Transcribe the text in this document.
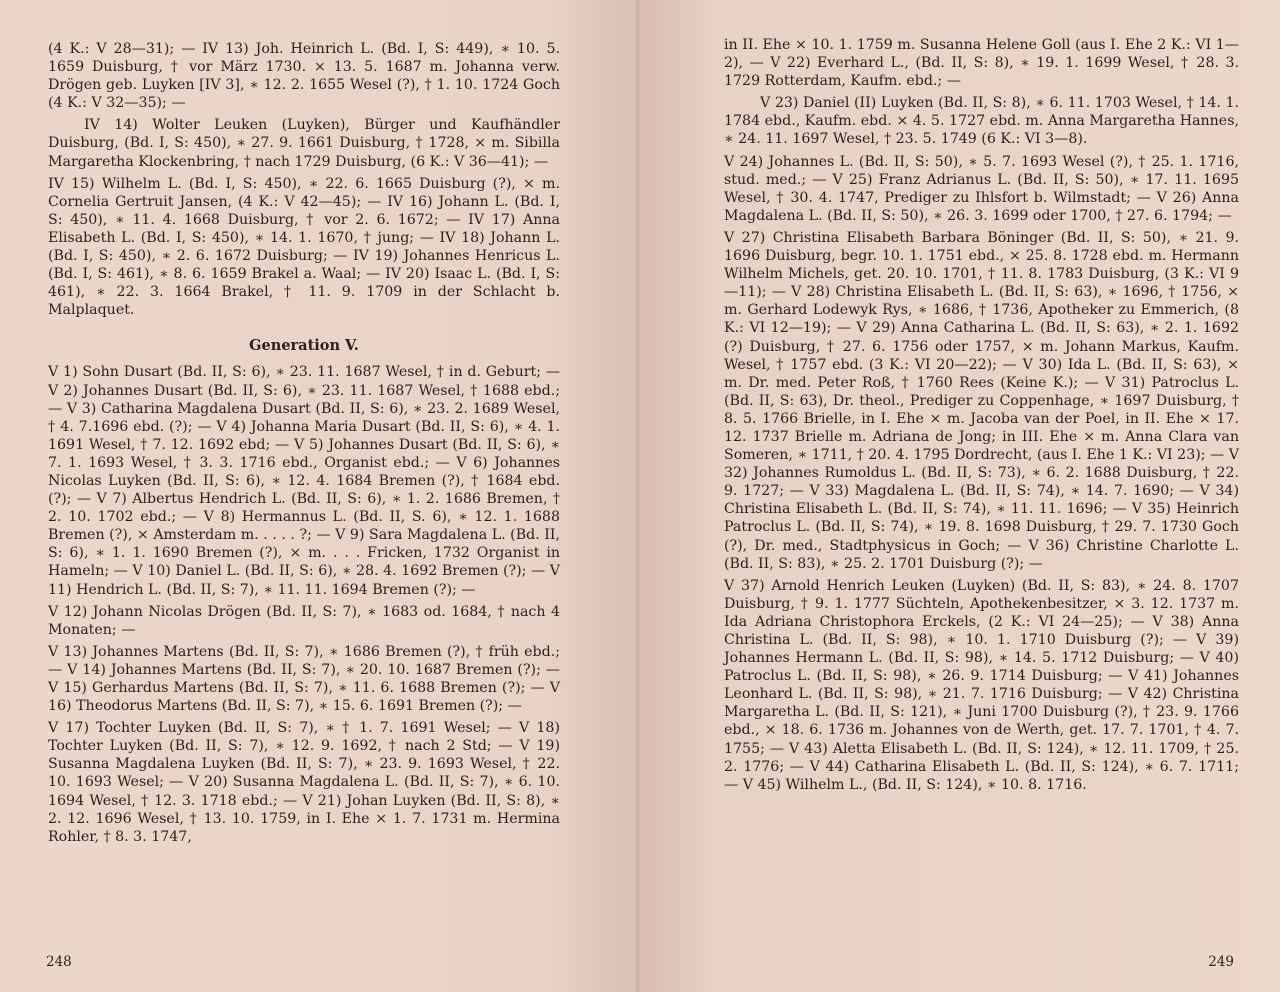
(4 K.: V 28—31); — IV 13) Joh. Heinrich L. (Bd. I, S: 449), ∗ 10. 5. 1659 Duisburg, † vor März 1730. × 13. 5. 1687 m. Johanna verw. Drögen geb. Luyken [IV 3], ∗ 12. 2. 1655 Wesel (?), † 1. 10. 1724 Goch (4 K.: V 32—35); —

IV 14) Wolter Leuken (Luyken), Bürger und Kaufhändler Duisburg, (Bd. I, S: 450), ∗ 27. 9. 1661 Duisburg, † 1728, × m. Sibilla Margaretha Klockenbring, † nach 1729 Duisburg, (6 K.: V 36—41); —

IV 15) Wilhelm L. (Bd. I, S: 450), ∗ 22. 6. 1665 Duisburg (?), × m. Cornelia Gertruit Jansen, (4 K.: V 42—45); — IV 16) Johann L. (Bd. I, S: 450), ∗ 11. 4. 1668 Duisburg, † vor 2. 6. 1672; — IV 17) Anna Elisabeth L. (Bd. I, S: 450), ∗ 14. 1. 1670, † jung; — IV 18) Johann L. (Bd. I, S: 450), ∗ 2. 6. 1672 Duisburg; — IV 19) Johannes Henricus L. (Bd. I, S: 461), ∗ 8. 6. 1659 Brakel a. Waal; — IV 20) Isaac L. (Bd. I, S: 461), ∗ 22. 3. 1664 Brakel, † 11. 9. 1709 in der Schlacht b. Malplaquet.

Generation V.

V 1) Sohn Dusart (Bd. II, S: 6), ∗ 23. 11. 1687 Wesel, † in d. Geburt; — V 2) Johannes Dusart (Bd. II, S: 6), ∗ 23. 11. 1687 Wesel, † 1688 ebd.; — V 3) Catharina Magdalena Dusart (Bd. II, S: 6), ∗ 23. 2. 1689 Wesel, † 4. 7.1696 ebd. (?); — V 4) Johanna Maria Dusart (Bd. II, S: 6), ∗ 4. 1. 1691 Wesel, † 7. 12. 1692 ebd; — V 5) Johannes Dusart (Bd. II, S: 6), ∗ 7. 1. 1693 Wesel, † 3. 3. 1716 ebd., Organist ebd.; — V 6) Johannes Nicolas Luyken (Bd. II, S: 6), ∗ 12. 4. 1684 Bremen (?), † 1684 ebd. (?); — V 7) Albertus Hendrich L. (Bd. II, S: 6), ∗ 1. 2. 1686 Bremen, † 2. 10. 1702 ebd.; — V 8) Hermannus L. (Bd. II, S. 6), ∗ 12. 1. 1688 Bremen (?), × Amsterdam m. . . . . ?; — V 9) Sara Magdalena L. (Bd. II, S: 6), ∗ 1. 1. 1690 Bremen (?), × m. . . . Fricken, 1732 Organist in Hameln; — V 10) Daniel L. (Bd. II, S: 6), ∗ 28. 4. 1692 Bremen (?); — V 11) Hendrich L. (Bd. II, S: 7), ∗ 11. 11. 1694 Bremen (?); —

V 12) Johann Nicolas Drögen (Bd. II, S: 7), ∗ 1683 od. 1684, † nach 4 Monaten; —

V 13) Johannes Martens (Bd. II, S: 7), ∗ 1686 Bremen (?), † früh ebd.; — V 14) Johannes Martens (Bd. II, S: 7), ∗ 20. 10. 1687 Bremen (?); — V 15) Gerhardus Martens (Bd. II, S: 7), ∗ 11. 6. 1688 Bremen (?); — V 16) Theodorus Martens (Bd. II, S: 7), ∗ 15. 6. 1691 Bremen (?); —

V 17) Tochter Luyken (Bd. II, S: 7), ∗ † 1. 7. 1691 Wesel; — V 18) Tochter Luyken (Bd. II, S: 7), ∗ 12. 9. 1692, † nach 2 Std; — V 19) Susanna Magdalena Luyken (Bd. II, S: 7), ∗ 23. 9. 1693 Wesel, † 22. 10. 1693 Wesel; — V 20) Susanna Magdalena L. (Bd. II, S: 7), ∗ 6. 10. 1694 Wesel, † 12. 3. 1718 ebd.; — V 21) Johan Luyken (Bd. II, S: 8), ∗ 2. 12. 1696 Wesel, † 13. 10. 1759, in I. Ehe × 1. 7. 1731 m. Hermina Rohler, † 8. 3. 1747,

248

in II. Ehe × 10. 1. 1759 m. Susanna Helene Goll (aus I. Ehe 2 K.: VI 1—2), — V 22) Everhard L., (Bd. II, S: 8), ∗ 19. 1. 1699 Wesel, † 28. 3. 1729 Rotterdam, Kaufm. ebd.; —

V 23) Daniel (II) Luyken (Bd. II, S: 8), ∗ 6. 11. 1703 Wesel, † 14. 1. 1784 ebd., Kaufm. ebd. × 4. 5. 1727 ebd. m. Anna Margaretha Hannes, ∗ 24. 11. 1697 Wesel, † 23. 5. 1749 (6 K.: VI 3—8).

V 24) Johannes L. (Bd. II, S: 50), ∗ 5. 7. 1693 Wesel (?), † 25. 1. 1716, stud. med.; — V 25) Franz Adrianus L. (Bd. II, S: 50), ∗ 17. 11. 1695 Wesel, † 30. 4. 1747, Prediger zu Ihlsfort b. Wilmstadt; — V 26) Anna Magdalena L. (Bd. II, S: 50), ∗ 26. 3. 1699 oder 1700, † 27. 6. 1794; —

V 27) Christina Elisabeth Barbara Böninger (Bd. II, S: 50), ∗ 21. 9. 1696 Duisburg, begr. 10. 1. 1751 ebd., × 25. 8. 1728 ebd. m. Hermann Wilhelm Michels, get. 20. 10. 1701, † 11. 8. 1783 Duisburg, (3 K.: VI 9—11); — V 28) Christina Elisabeth L. (Bd. II, S: 63), ∗ 1696, † 1756, × m. Gerhard Lodewyk Rys, ∗ 1686, † 1736, Apotheker zu Emmerich, (8 K.: VI 12—19); — V 29) Anna Catharina L. (Bd. II, S: 63), ∗ 2. 1. 1692 (?) Duisburg, † 27. 6. 1756 oder 1757, × m. Johann Markus, Kaufm. Wesel, † 1757 ebd. (3 K.: VI 20—22); — V 30) Ida L. (Bd. II, S: 63), × m. Dr. med. Peter Roß, † 1760 Rees (Keine K.); — V 31) Patroclus L. (Bd. II, S: 63), Dr. theol., Prediger zu Coppenhage, ∗ 1697 Duisburg, † 8. 5. 1766 Brielle, in I. Ehe × m. Jacoba van der Poel, in II. Ehe × 17. 12. 1737 Brielle m. Adriana de Jong; in III. Ehe × m. Anna Clara van Someren, ∗ 1711, † 20. 4. 1795 Dordrecht, (aus I. Ehe 1 K.: VI 23); — V 32) Johannes Rumoldus L. (Bd. II, S: 73), ∗ 6. 2. 1688 Duisburg, † 22. 9. 1727; — V 33) Magdalena L. (Bd. II, S: 74), ∗ 14. 7. 1690; — V 34) Christina Elisabeth L. (Bd. II, S: 74), ∗ 11. 11. 1696; — V 35) Heinrich Patroclus L. (Bd. II, S: 74), ∗ 19. 8. 1698 Duisburg, † 29. 7. 1730 Goch (?), Dr. med., Stadtphysicus in Goch; — V 36) Christine Charlotte L. (Bd. II, S: 83), ∗ 25. 2. 1701 Duisburg (?); —

V 37) Arnold Henrich Leuken (Luyken) (Bd. II, S: 83), ∗ 24. 8. 1707 Duisburg, † 9. 1. 1777 Süchteln, Apothekenbesitzer, × 3. 12. 1737 m. Ida Adriana Christophora Erckels, (2 K.: VI 24—25); — V 38) Anna Christina L. (Bd. II, S: 98), ∗ 10. 1. 1710 Duisburg (?); — V 39) Johannes Hermann L. (Bd. II, S: 98), ∗ 14. 5. 1712 Duisburg; — V 40) Patroclus L. (Bd. II, S: 98), ∗ 26. 9. 1714 Duisburg; — V 41) Johannes Leonhard L. (Bd. II, S: 98), ∗ 21. 7. 1716 Duisburg; — V 42) Christina Margaretha L. (Bd. II, S: 121), ∗ Juni 1700 Duisburg (?), † 23. 9. 1766 ebd., × 18. 6. 1736 m. Johannes von de Werth, get. 17. 7. 1701, † 4. 7. 1755; — V 43) Aletta Elisabeth L. (Bd. II, S: 124), ∗ 12. 11. 1709, † 25. 2. 1776; — V 44) Catharina Elisabeth L. (Bd. II, S: 124), ∗ 6. 7. 1711; — V 45) Wilhelm L., (Bd. II, S: 124), ∗ 10. 8. 1716.

249
